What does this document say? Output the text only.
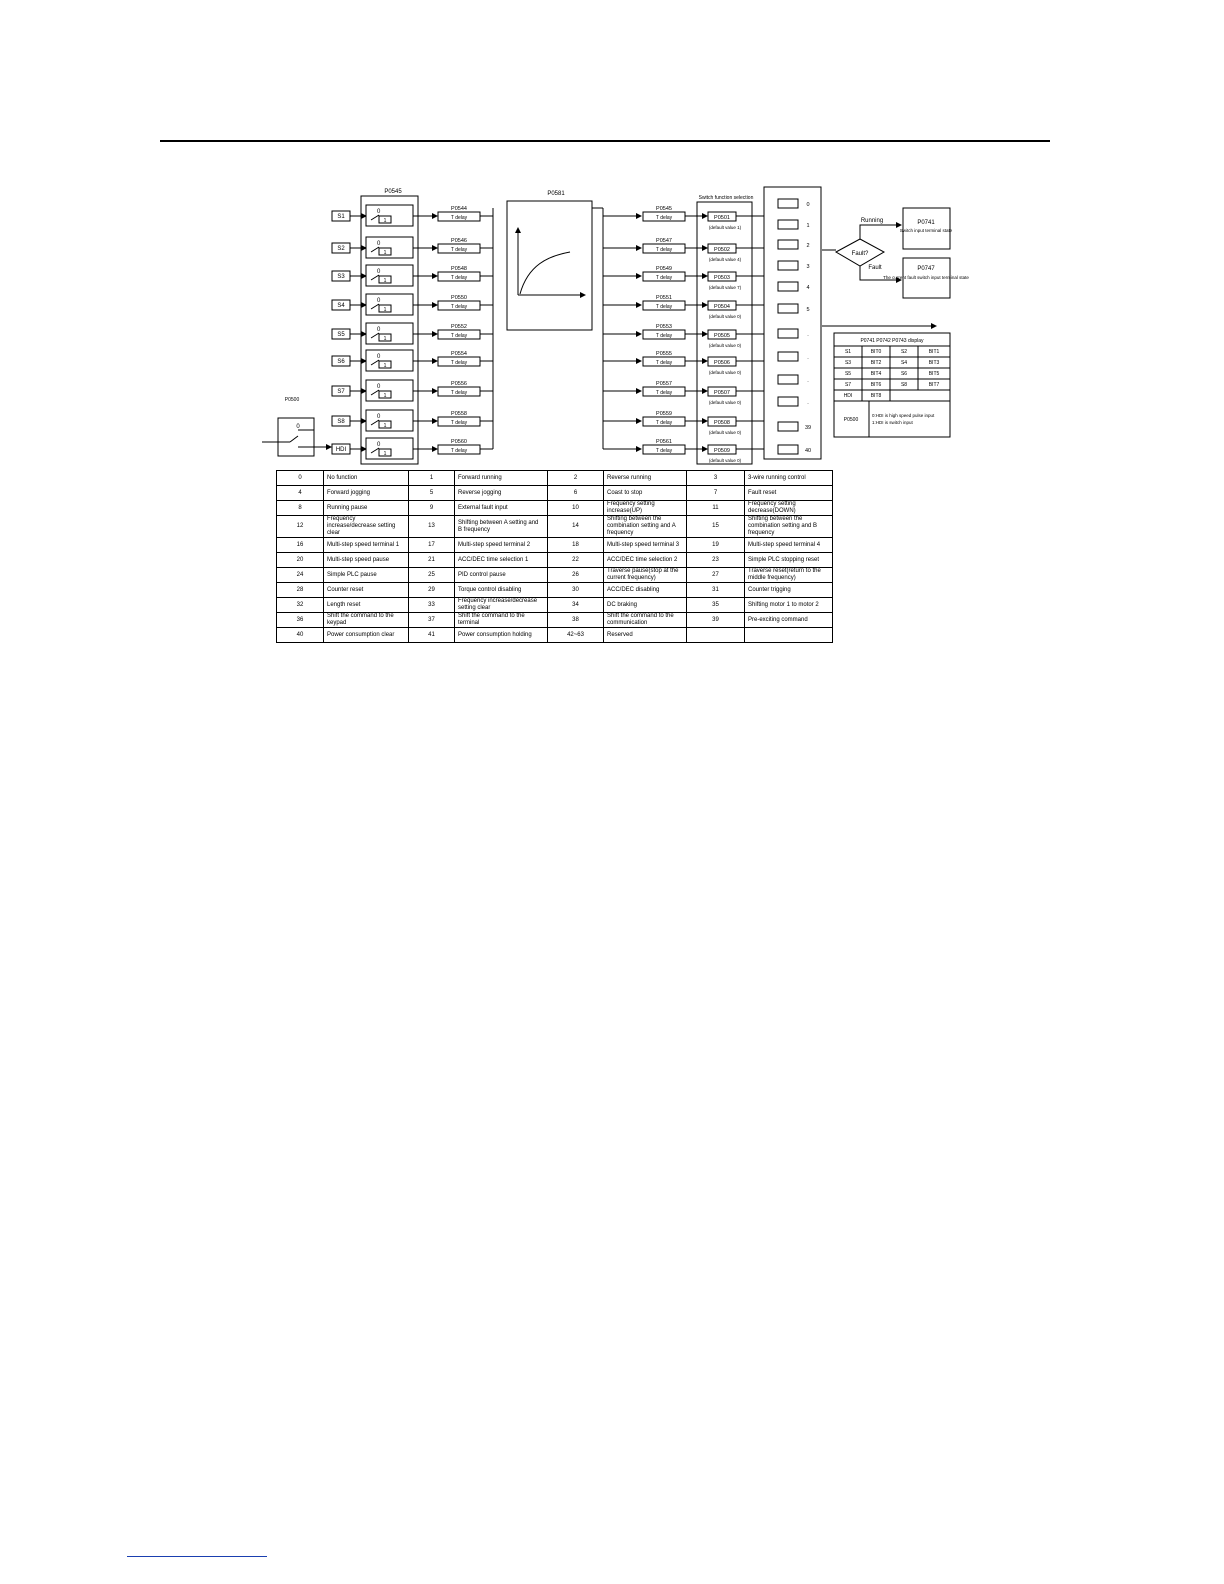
S1
0
1
P0544
T delay
P0545
T delay	P0501
(default value 1)
S2
0
1
P0546
T delay
P0547
T delay	P0502
(default value 4)
S3
0
1
P0548
T delay
P0549
T delay	P0503
(default value 7)
S4
0
1
P0550
T delay
P0551
T delay	P0504
(default value 0)
S5
0
1
P0552
T delay
P0553
T delay	P0505
(default value 0)
S6
0
1
P0554
T delay
P0555
T delay	P0506
(default value 0)
S7
0
1
P0556
T delay
P0557
T delay	P0507
(default value 0)
S8
0
1
P0558
T delay
P0559
T delay	P0508
(default value 0)
HDI
0
1
P0560
T delay
P0561
T delay	P0509
(default value 0)
0
1
2
3
4
5
.
.
.
.
39
40
S1	BIT0	S2	BIT1
S3	BIT2	S4	BIT3
S5	BIT4	S6	BIT5
S7	BIT6	S8	BIT7
HDI	BIT8
P0545	P0581
Switch function selection
Fault?
Running
Fault
P0741
Switch input terminal state
P0747
The current fault switch input terminal state
P0741 P0742 P0743 display
P0500
0:HDI is high speed pulse input
1:HDI is switch input
P0500
0
0	No function	1	Forward running	2	Reverse running	3	3-wire running control
4	Forward jogging	5	Reverse jogging	6	Coast to stop	7	Fault reset
8	Running pause	9	External fault input	10	Frequency setting increase(UP)	11	Frequency setting decrease(DOWN)
12	Frequency increase/decrease setting clear	13	Shifting between A setting and B frequency	14	Shifting between the combination setting and A frequency	15	Shifting between the combination setting and B frequency
16	Multi-step speed terminal 1	17	Multi-step speed terminal 2	18	Multi-step speed terminal 3	19	Multi-step speed terminal 4
20	Multi-step speed pause	21	ACC/DEC time selection 1	22	ACC/DEC time selection 2	23	Simple PLC stopping reset
24	Simple PLC pause	25	PID control pause	26	Traverse pause(stop at the current frequency)	27	Traverse reset(return to the middle frequency)
28	Counter reset	29	Torque control disabling	30	ACC/DEC disabling	31	Counter trigging
32	Length reset	33	Frequency increase/decrease setting clear	34	DC braking	35	Shifting motor 1 to motor 2
36	Shift the command to the keypad	37	Shift the command to the terminal	38	Shift the command to the communication	39	Pre-exciting command
40	Power consumption clear	41	Power consumption holding	42~63	Reserved		
